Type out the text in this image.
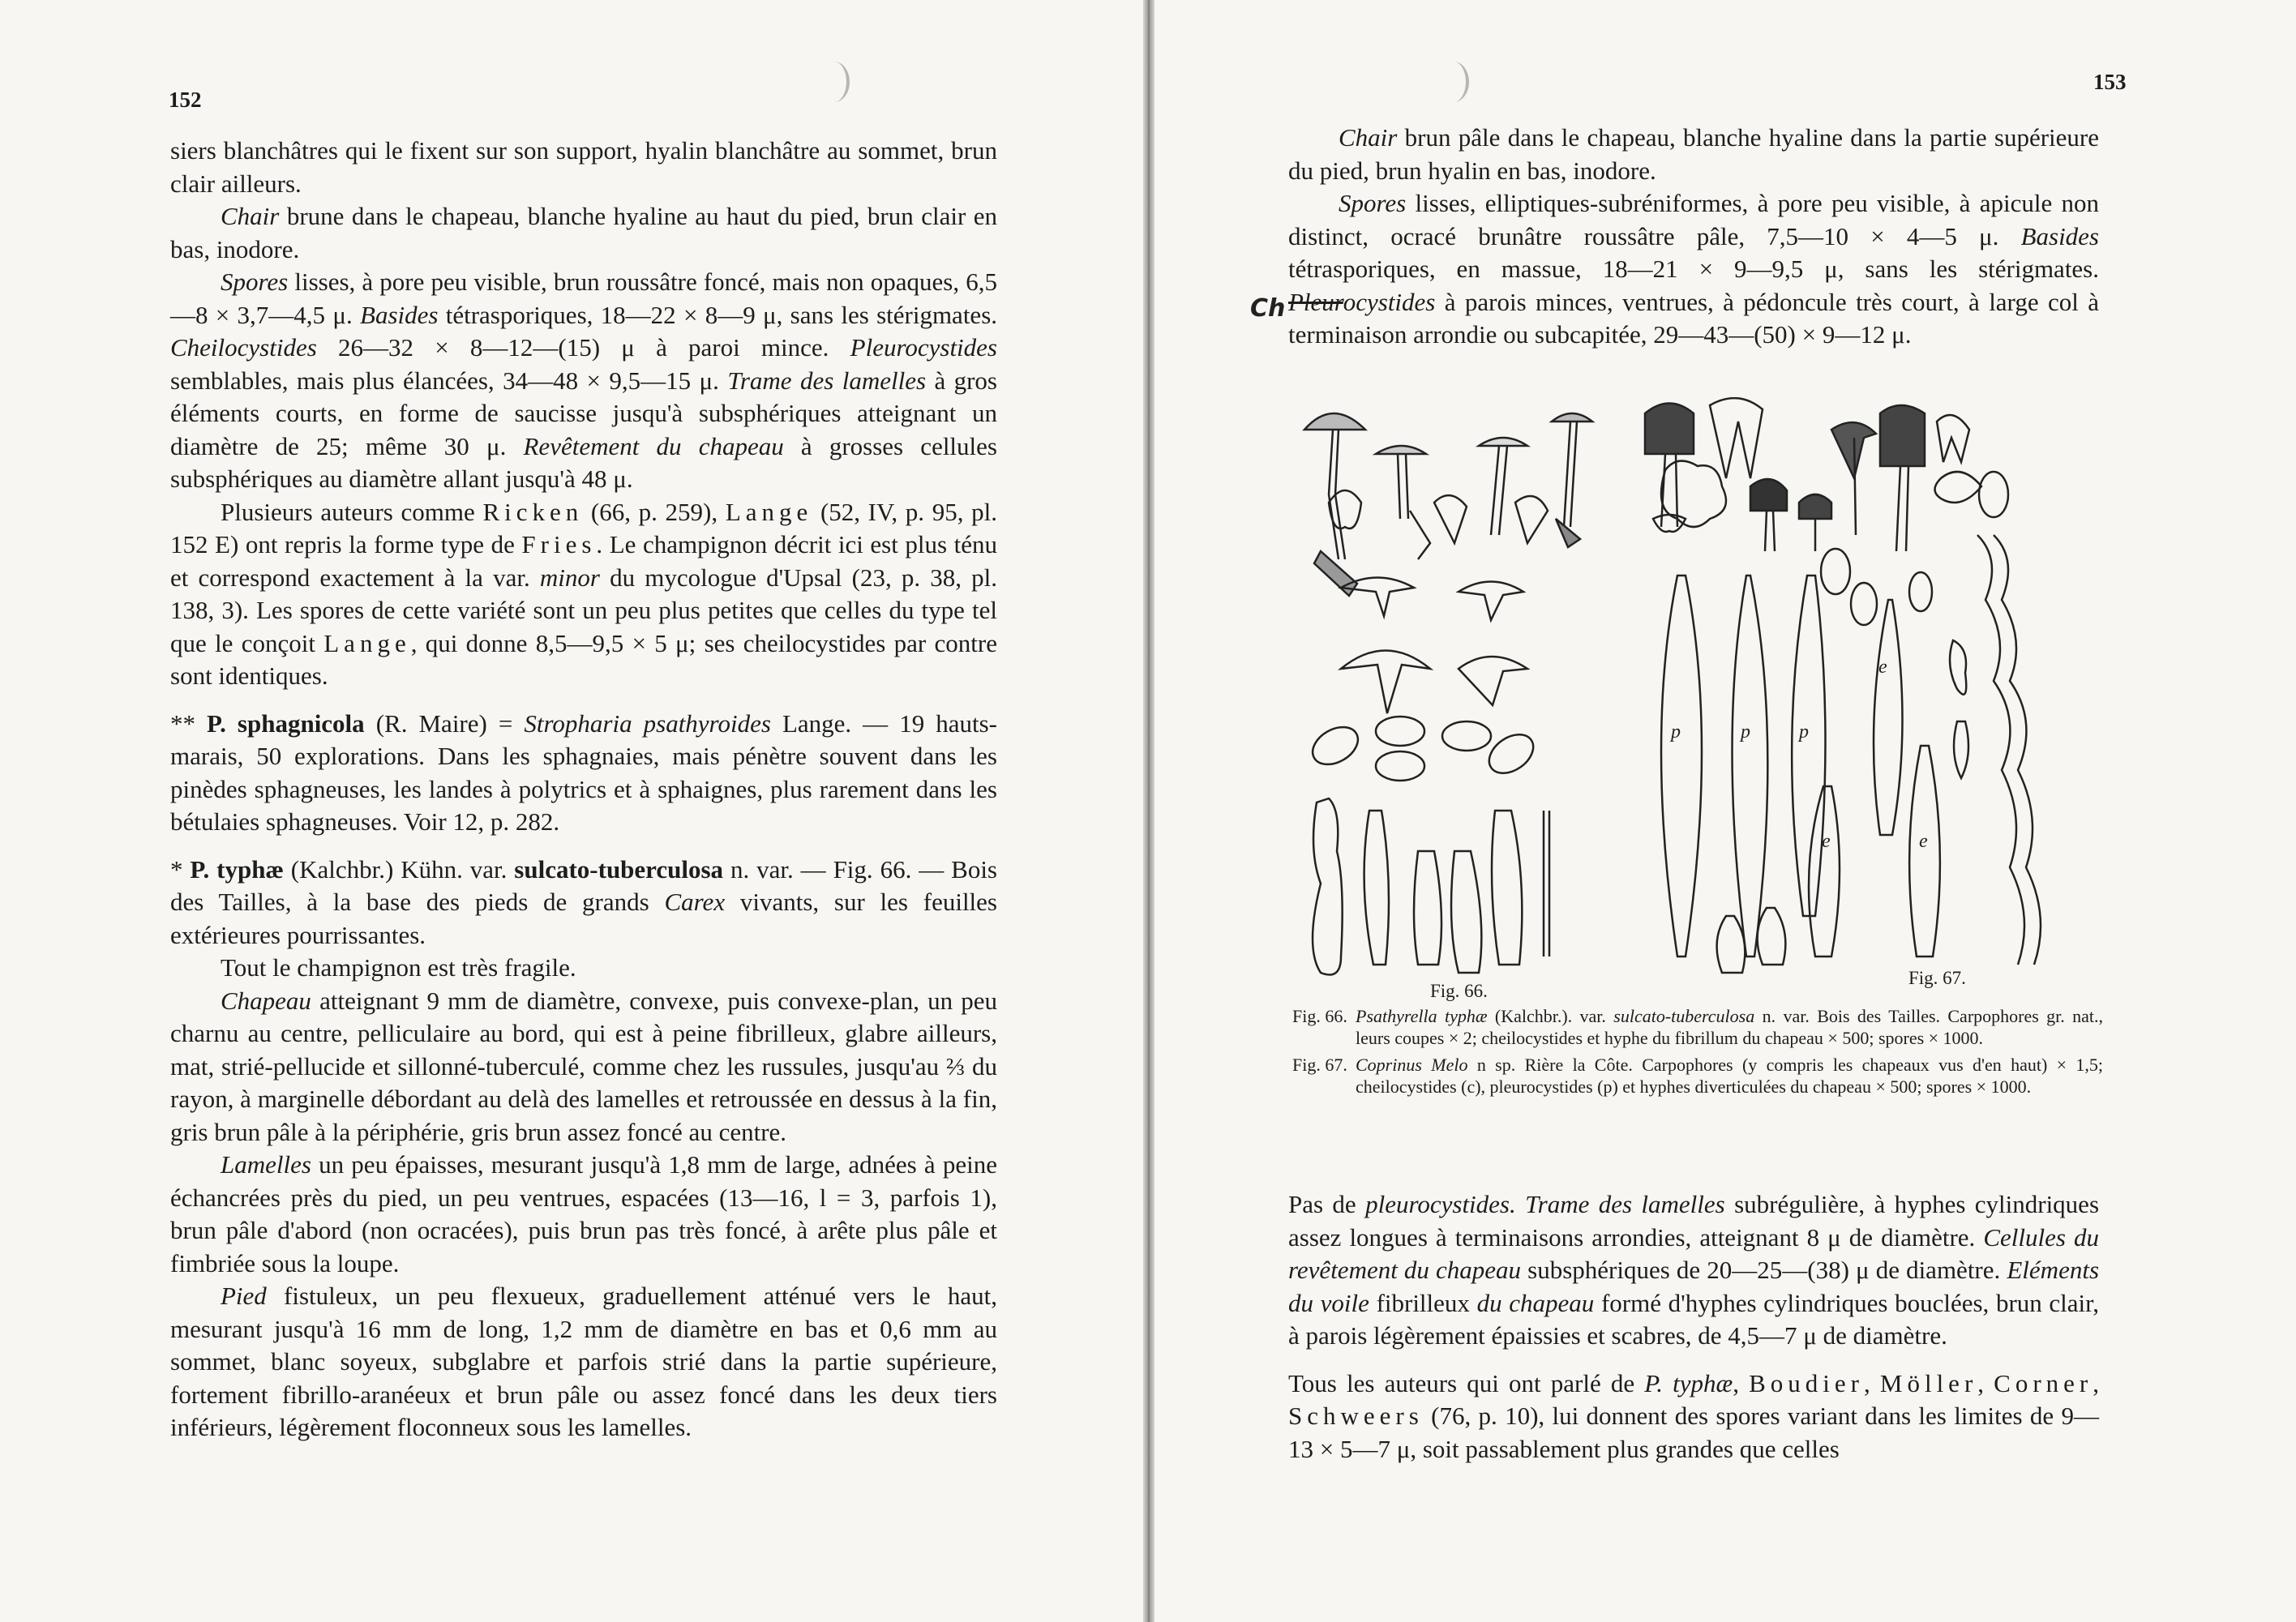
152

siers blanchâtres qui le fixent sur son support, hyalin blanchâtre au sommet, brun clair ailleurs.

Chair brune dans le chapeau, blanche hyaline au haut du pied, brun clair en bas, inodore.

Spores lisses, à pore peu visible, brun roussâtre foncé, mais non opaques, 6,5—8 × 3,7—4,5 μ. Basides tétrasporiques, 18—22 × 8—9 μ, sans les stérigmates. Cheilocystides 26—32 × 8—12—(15) μ à paroi mince. Pleurocystides semblables, mais plus élancées, 34—48 × 9,5—15 μ. Trame des lamelles à gros éléments courts, en forme de saucisse jusqu'à subsphériques atteignant un diamètre de 25; même 30 μ. Revêtement du chapeau à grosses cellules subsphériques au diamètre allant jusqu'à 48 μ.

Plusieurs auteurs comme Ricken (66, p. 259), Lange (52, IV, p. 95, pl. 152 E) ont repris la forme type de Fries. Le champignon décrit ici est plus ténu et correspond exactement à la var. minor du mycologue d'Upsal (23, p. 38, pl. 138, 3). Les spores de cette variété sont un peu plus petites que celles du type tel que le conçoit Lange, qui donne 8,5—9,5 × 5 μ; ses cheilocystides par contre sont identiques.

** P. sphagnicola (R. Maire) = Stropharia psathyroides Lange. — 19 hauts-marais, 50 explorations. Dans les sphagnaies, mais pénètre souvent dans les pinèdes sphagneuses, les landes à polytrics et à sphaignes, plus rarement dans les bétulaies sphagneuses. Voir 12, p. 282.

* P. typhæ (Kalchbr.) Kühn. var. sulcato-tuberculosa n. var. — Fig. 66. — Bois des Tailles, à la base des pieds de grands Carex vivants, sur les feuilles extérieures pourrissantes.

Tout le champignon est très fragile.

Chapeau atteignant 9 mm de diamètre, convexe, puis convexe-plan, un peu charnu au centre, pelliculaire au bord, qui est à peine fibrilleux, glabre ailleurs, mat, strié-pellucide et sillonné-tuberculé, comme chez les russules, jusqu'au ⅔ du rayon, à marginelle débordant au delà des lamelles et retroussée en dessus à la fin, gris brun pâle à la périphérie, gris brun assez foncé au centre.

Lamelles un peu épaisses, mesurant jusqu'à 1,8 mm de large, adnées à peine échancrées près du pied, un peu ventrues, espacées (13—16, l = 3, parfois 1), brun pâle d'abord (non ocracées), puis brun pas très foncé, à arête plus pâle et fimbriée sous la loupe.

Pied fistuleux, un peu flexueux, graduellement atténué vers le haut, mesurant jusqu'à 16 mm de long, 1,2 mm de diamètre en bas et 0,6 mm au sommet, blanc soyeux, subglabre et parfois strié dans la partie supérieure, fortement fibrillo-aranéeux et brun pâle ou assez foncé dans les deux tiers inférieurs, légèrement floconneux sous les lamelles.

153
Ch

Chair brun pâle dans le chapeau, blanche hyaline dans la partie supérieure du pied, brun hyalin en bas, inodore.

Spores lisses, elliptiques-subréniformes, à pore peu visible, à apicule non distinct, ocracé brunâtre roussâtre pâle, 7,5—10 × 4—5 μ. Basides tétrasporiques, en massue, 18—21 × 9—9,5 μ, sans les stérigmates. Pleurocystides à parois minces, ventrues, à pédoncule très court, à large col à terminaison arrondie ou subcapitée, 29—43—(50) × 9—12 μ.

p	p	p
e
e	e
Fig. 66.
Fig. 67.
Fig. 66. Psathyrella typhæ (Kalchbr.). var. sulcato-tuberculosa n. var. Bois des Tailles. Carpophores gr. nat., leurs coupes × 2; cheilocystides et hyphe du fibrillum du chapeau × 500; spores × 1000.
Fig. 67. Coprinus Melo n sp. Rière la Côte. Carpophores (y compris les chapeaux vus d'en haut) × 1,5; cheilocystides (c), pleurocystides (p) et hyphes diverticulées du chapeau × 500; spores × 1000.

Pas de pleurocystides. Trame des lamelles subrégulière, à hyphes cylindriques assez longues à terminaisons arrondies, atteignant 8 μ de diamètre. Cellules du revêtement du chapeau subsphériques de 20—25—(38) μ de diamètre. Eléments du voile fibrilleux du chapeau formé d'hyphes cylindriques bouclées, brun clair, à parois légèrement épaissies et scabres, de 4,5—7 μ de diamètre.

Tous les auteurs qui ont parlé de P. typhæ, Boudier, Möller, Corner, Schweers (76, p. 10), lui donnent des spores variant dans les limites de 9—13 × 5—7 μ, soit passablement plus grandes que celles
